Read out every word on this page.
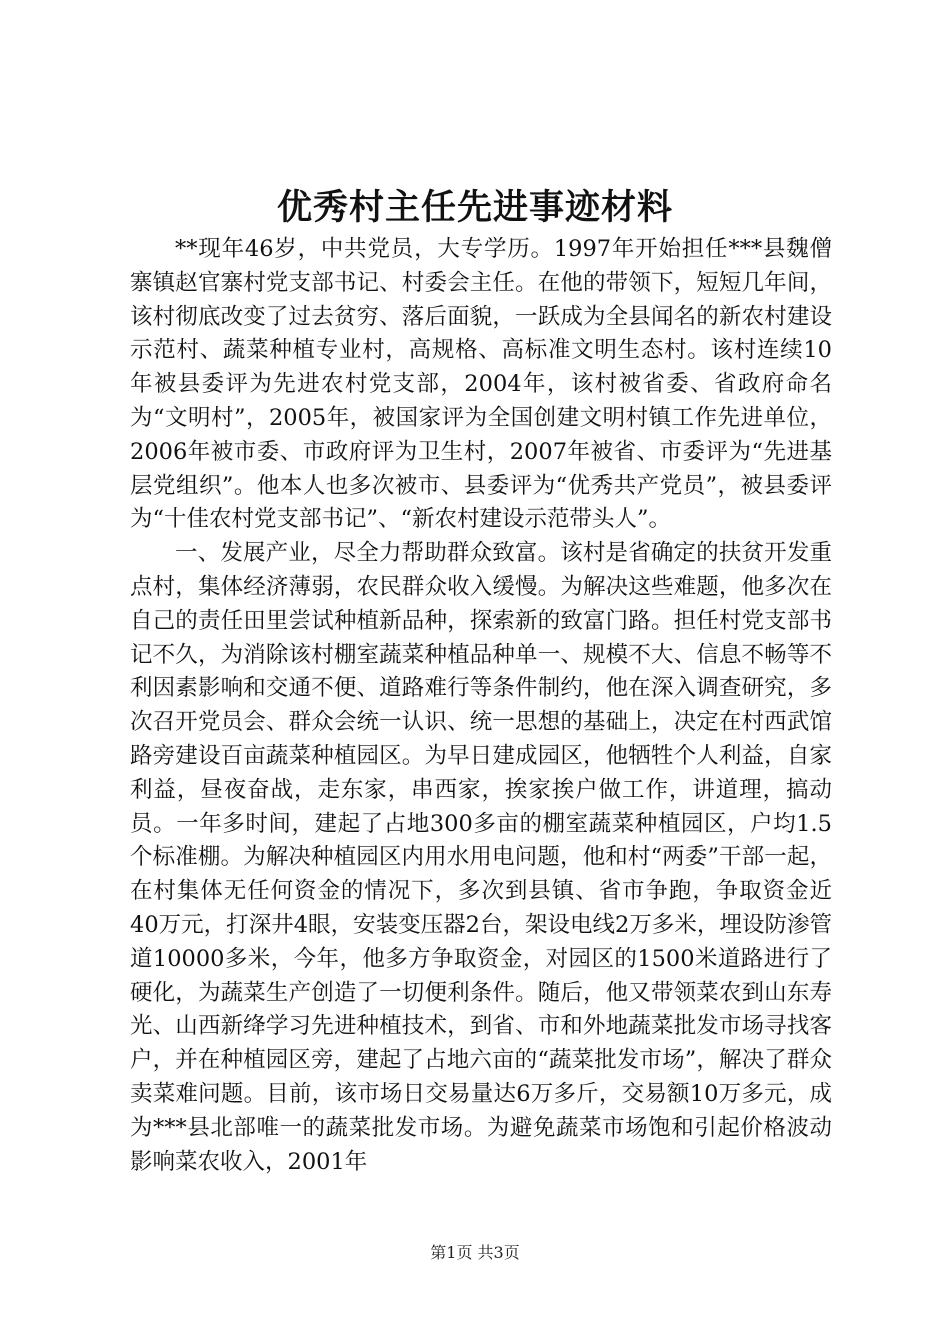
优秀村主任先进事迹材料

**现年46岁，中共党员，大专学历。1997年开始担任***县魏僧寨镇赵官寨村党支部书记、村委会主任。在他的带领下，短短几年间，该村彻底改变了过去贫穷、落后面貌，一跃成为全县闻名的新农村建设示范村、蔬菜种植专业村，高规格、高标准文明生态村。该村连续10年被县委评为先进农村党支部，2004年，该村被省委、省政府命名为“文明村”，2005年，被国家评为全国创建文明村镇工作先进单位，2006年被市委、市政府评为卫生村，2007年被省、市委评为“先进基层党组织”。他本人也多次被市、县委评为“优秀共产党员”，被县委评为“十佳农村党支部书记”、“新农村建设示范带头人”。

一、发展产业，尽全力帮助群众致富。该村是省确定的扶贫开发重点村，集体经济薄弱，农民群众收入缓慢。为解决这些难题，他多次在自己的责任田里尝试种植新品种，探索新的致富门路。担任村党支部书记不久，为消除该村棚室蔬菜种植品种单一、规模不大、信息不畅等不利因素影响和交通不便、道路难行等条件制约，他在深入调查研究，多次召开党员会、群众会统一认识、统一思想的基础上，决定在村西武馆路旁建设百亩蔬菜种植园区。为早日建成园区，他牺牲个人利益，自家利益，昼夜奋战，走东家，串西家，挨家挨户做工作，讲道理，搞动员。一年多时间，建起了占地300多亩的棚室蔬菜种植园区，户均1.5个标准棚。为解决种植园区内用水用电问题，他和村“两委”干部一起，在村集体无任何资金的情况下，多次到县镇、省市争跑，争取资金近40万元，打深井4眼，安装变压器2台，架设电线2万多米，埋设防渗管道10000多米，今年，他多方争取资金，对园区的1500米道路进行了硬化，为蔬菜生产创造了一切便利条件。随后，他又带领菜农到山东寿光、山西新绛学习先进种植技术，到省、市和外地蔬菜批发市场寻找客户，并在种植园区旁，建起了占地六亩的“蔬菜批发市场”，解决了群众卖菜难问题。目前，该市场日交易量达6万多斤，交易额10万多元，成为***县北部唯一的蔬菜批发市场。为避免蔬菜市场饱和引起价格波动影响菜农收入，2001年

第1页 共3页
